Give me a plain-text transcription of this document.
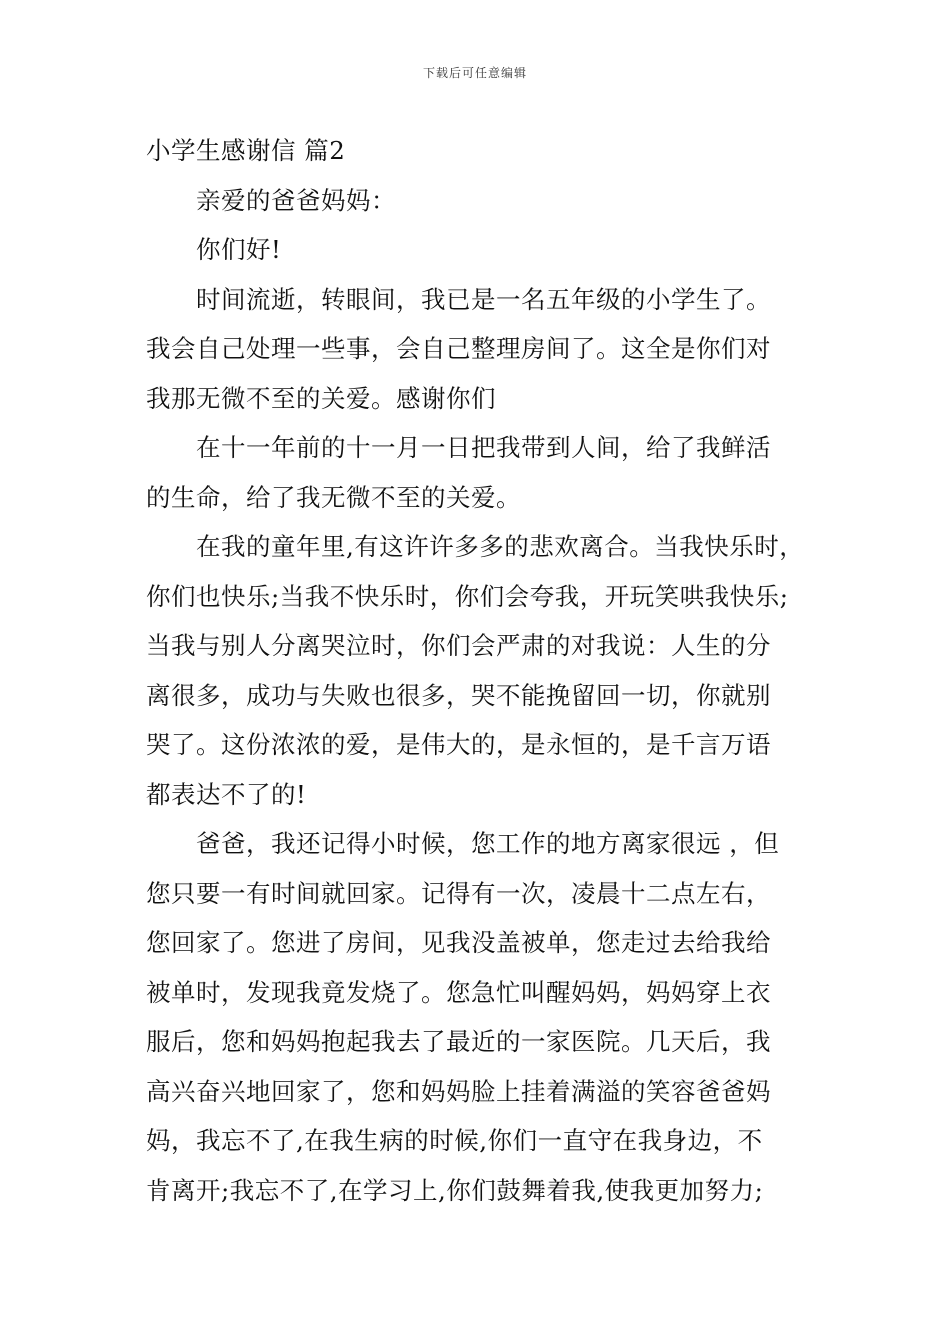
下载后可任意编辑
小学生感谢信 篇2
亲爱的爸爸妈妈：
你们好!
时间流逝，转眼间，我已是一名五年级的小学生了。
我会自己处理一些事，会自己整理房间了。这全是你们对
我那无微不至的关爱。感谢你们
在十一年前的十一月一日把我带到人间，给了我鲜活
的生命，给了我无微不至的关爱。
在我的童年里,有这许许多多的悲欢离合。当我快乐时，
你们也快乐;当我不快乐时，你们会夸我，开玩笑哄我快乐;
当我与别人分离哭泣时，你们会严肃的对我说：人生的分
离很多，成功与失败也很多，哭不能挽留回一切，你就别
哭了。这份浓浓的爱，是伟大的，是永恒的，是千言万语
都表达不了的!
爸爸，我还记得小时候，您工作的地方离家很远 ，但
您只要一有时间就回家。记得有一次，凌晨十二点左右，
您回家了。您进了房间，见我没盖被单，您走过去给我给
被单时，发现我竟发烧了。您急忙叫醒妈妈，妈妈穿上衣
服后，您和妈妈抱起我去了最近的一家医院。几天后，我
高兴奋兴地回家了，您和妈妈脸上挂着满溢的笑容爸爸妈
妈，我忘不了,在我生病的时候,你们一直守在我身边，不
肯离开;我忘不了,在学习上,你们鼓舞着我,使我更加努力;
